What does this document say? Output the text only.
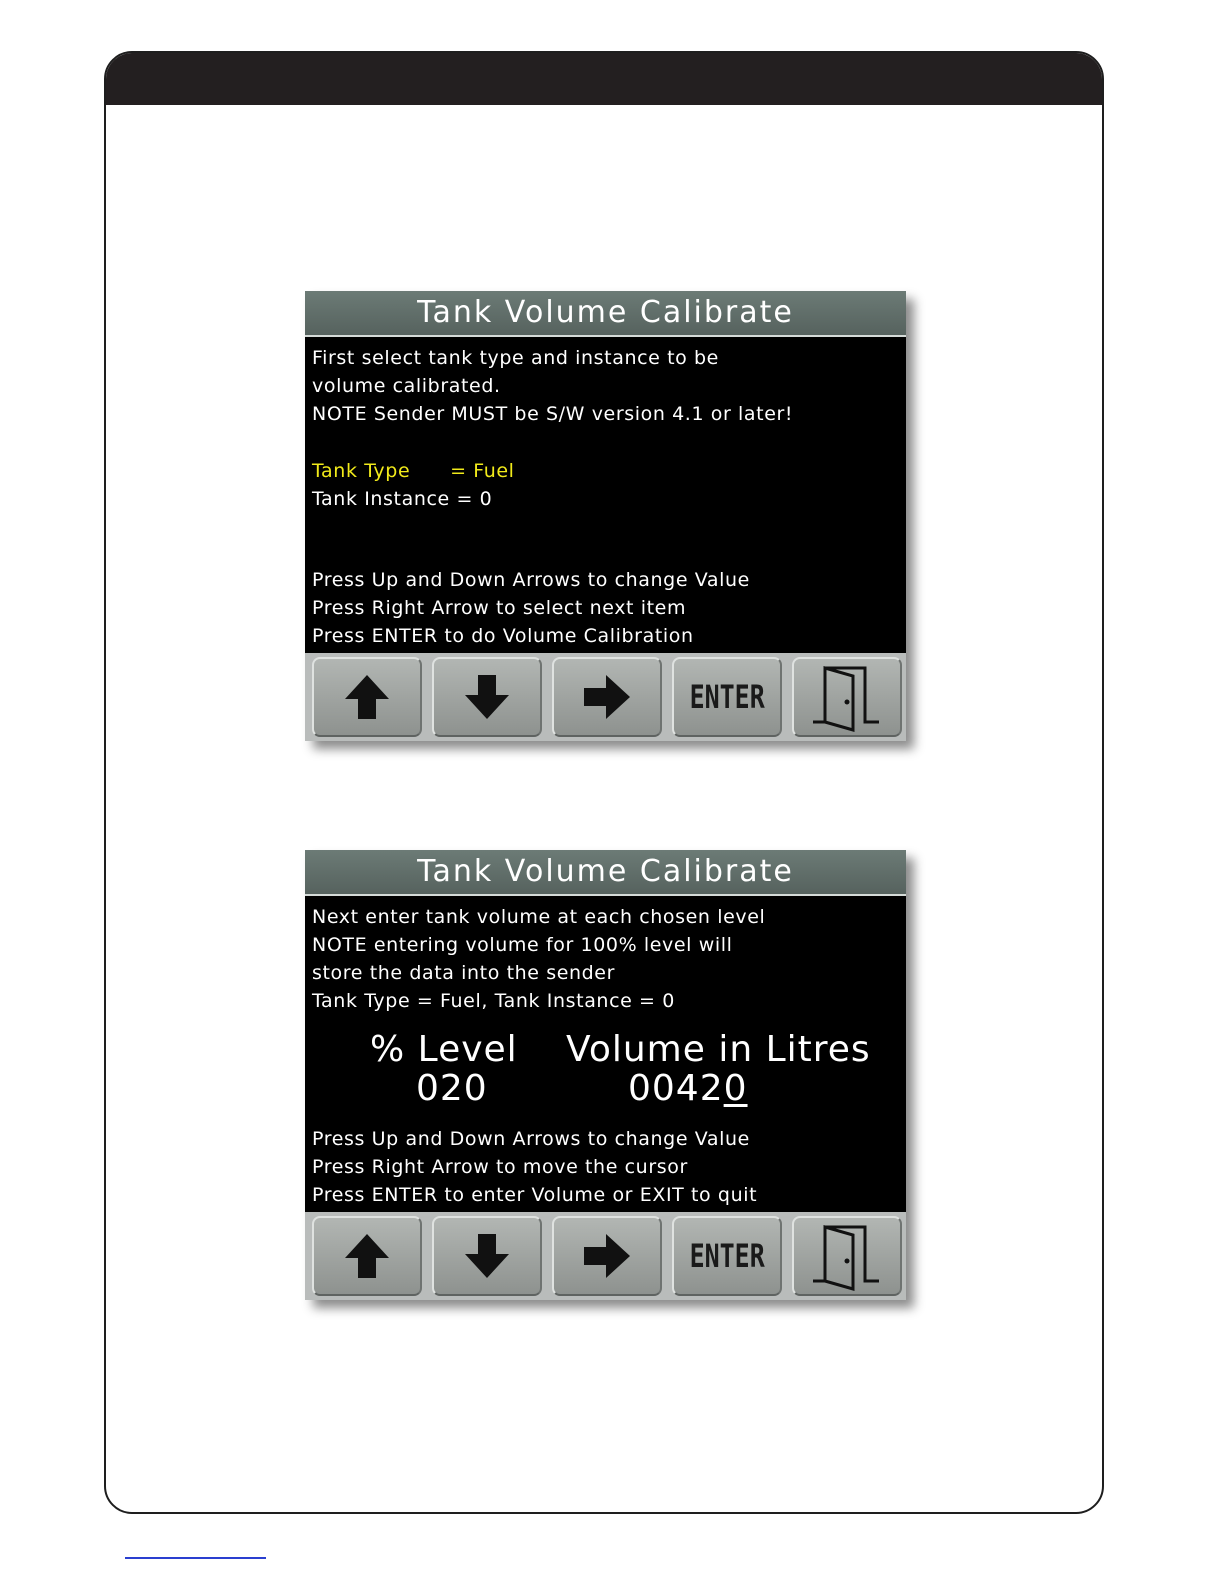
Tank Volume Calibrate
First select tank type and instance to be
volume calibrated.
NOTE Sender MUST be S/W version 4.1 or later!
Tank Type      = Fuel
Tank Instance = 0
Press Up and Down Arrows to change Value
Press Right Arrow to select next item
Press ENTER to do Volume Calibration
ENTER
Tank Volume Calibrate
Next enter tank volume at each chosen level
NOTE entering volume for 100% level will
store the data into the sender
Tank Type = Fuel, Tank Instance = 0
Press Up and Down Arrows to change Value
Press Right Arrow to move the cursor
Press ENTER to enter Volume or EXIT to quit
% Level Volume in Litres
020	00420
ENTER
